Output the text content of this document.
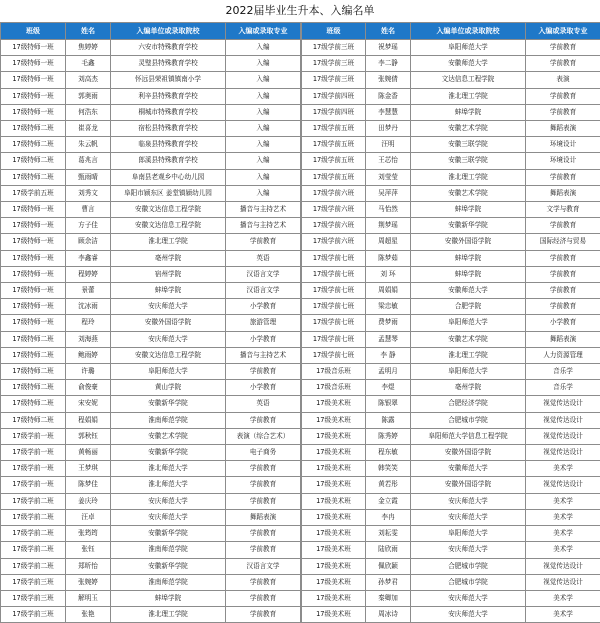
2022届毕业生升本、入编名单
班级	姓名	入编单位或录取院校	入编或录取专业
17级特师一班	焦婷婷	六安市特殊教育学校	入编
17级特师一班	毛鑫	灵璧县特殊教育学校	入编
17级特师一班	刘高杰	怀远县荣祖镇镇南小学	入编
17级特师一班	郭奥雨	利辛县特殊教育学校	入编
17级特师一班	何浩东	桐城市特殊教育学校	入编
17级特师二班	崔喜龙	宿松县特殊教育学校	入编
17级特师二班	朱云帆	临泉县特殊教育学校	入编
17级特师二班	葛兆言	郎溪县特殊教育学校	入编
17级特师二班	甄雨晴	阜南县老观乡中心幼儿园	入编
17级学前五班	刘秀文	阜阳市颍东区 姜堂镇颍幼儿园	入编
17级特师一班	曹言	安徽文达信息工程学院	播音与主持艺术
17级特师一班	方子佳	安徽文达信息工程学院	播音与主持艺术
17级特师一班	顾余洁	淮北理工学院	学前教育
17级特师一班	李鑫睿	亳州学院	英语
17级特师一班	程婷婷	宿州学院	汉语言文学
17级特师一班	景蕾	蚌埠学院	汉语言文学
17级特师一班	沈冰雨	安庆师范大学	小学教育
17级特师一班	程玲	安徽外国语学院	旅游管理
17级特师二班	刘海燕	安庆师范大学	小学教育
17级特师二班	鲍雨婷	安徽文达信息工程学院	播音与主持艺术
17级特师二班	许璐	阜阳师范大学	学前教育
17级特师二班	俞俊豪	黄山学院	小学教育
17级特师二班	宋安妮	安徽新华学院	英语
17级特师二班	程娟娟	淮南师范学院	学前教育
17级学前一班	郭秋钰	安徽艺术学院	表演（综合艺术）
17级学前一班	黄畅丽	安徽新华学院	电子商务
17级学前一班	王梦琪	淮北师范大学	学前教育
17级学前一班	陈梦佳	淮北师范大学	学前教育
17级学前二班	姜庆玲	安庆师范大学	学前教育
17级学前二班	汪卓	安庆师范大学	舞蹈表演
17级学前二班	张筠筠	安徽新华学院	学前教育
17级学前二班	张钰	淮南师范学院	学前教育
17级学前二班	郑昕怡	安徽新华学院	汉语言文学
17级学前三班	张婉婷	淮南师范学院	学前教育
17级学前三班	解明玉	蚌埠学院	学前教育
17级学前三班	张艳	淮北理工学院	学前教育
班级	姓名	入编单位或录取院校	入编或录取专业
17级学前三班	祝梦瑶	阜阳师范大学	学前教育
17级学前三班	李二静	安徽师范大学	学前教育
17级学前三班	张婉倩	文达信息工程学院	表演
17级学前四班	陈金香	淮北理工学院	学前教育
17级学前四班	李慧慧	蚌埠学院	学前教育
17级学前五班	田梦丹	安徽艺术学院	舞蹈表演
17级学前五班	汪明	安徽三联学院	环境设计
17级学前五班	王芯怡	安徽三联学院	环境设计
17级学前五班	刘莹莹	淮北理工学院	学前教育
17级学前六班	吴萍萍	安徽艺术学院	舞蹈表演
17级学前六班	马怡然	蚌埠学院	文学与教育
17级学前六班	荆梦瑶	安徽新华学院	学前教育
17级学前六班	周超星	安徽外国语学院	国际经济与贸易
17级学前七班	陈梦茹	蚌埠学院	学前教育
17级学前七班	刘 环	蚌埠学院	学前教育
17级学前七班	周娟娟	安徽师范大学	学前教育
17级学前七班	梁忠敏	合肥学院	学前教育
17级学前七班	费梦雨	阜阳师范大学	小学教育
17级学前七班	孟慧琴	安徽艺术学院	舞蹈表演
17级学前七班	李 静	淮北理工学院	人力资源管理
17级音乐班	孟明月	阜阳师范大学	音乐学
17级音乐班	李煜	亳州学院	音乐学
17级美术班	陈银翠	合肥经济学院	视觉传达设计
17级美术班	陈露	合肥城市学院	视觉传达设计
17级美术班	陈秀婷	阜阳师范大学信息工程学院	视觉传达设计
17级美术班	程东敏	安徽外国语学院	视觉传达设计
17级美术班	韩笑笑	安徽师范大学	美术学
17级美术班	黄若彤	安徽外国语学院	视觉传达设计
17级美术班	金立霞	安庆师范大学	美术学
17级美术班	李冉	安庆师范大学	美术学
17级美术班	刘耘雯	阜阳师范大学	美术学
17级美术班	陆欣雨	安庆师范大学	美术学
17级美术班	佩欣颖	合肥城市学院	视觉传达设计
17级美术班	孙梦君	合肥城市学院	视觉传达设计
17级美术班	秦卿加	安庆师范大学	美术学
17级美术班	周冰诗	安庆师范大学	美术学
